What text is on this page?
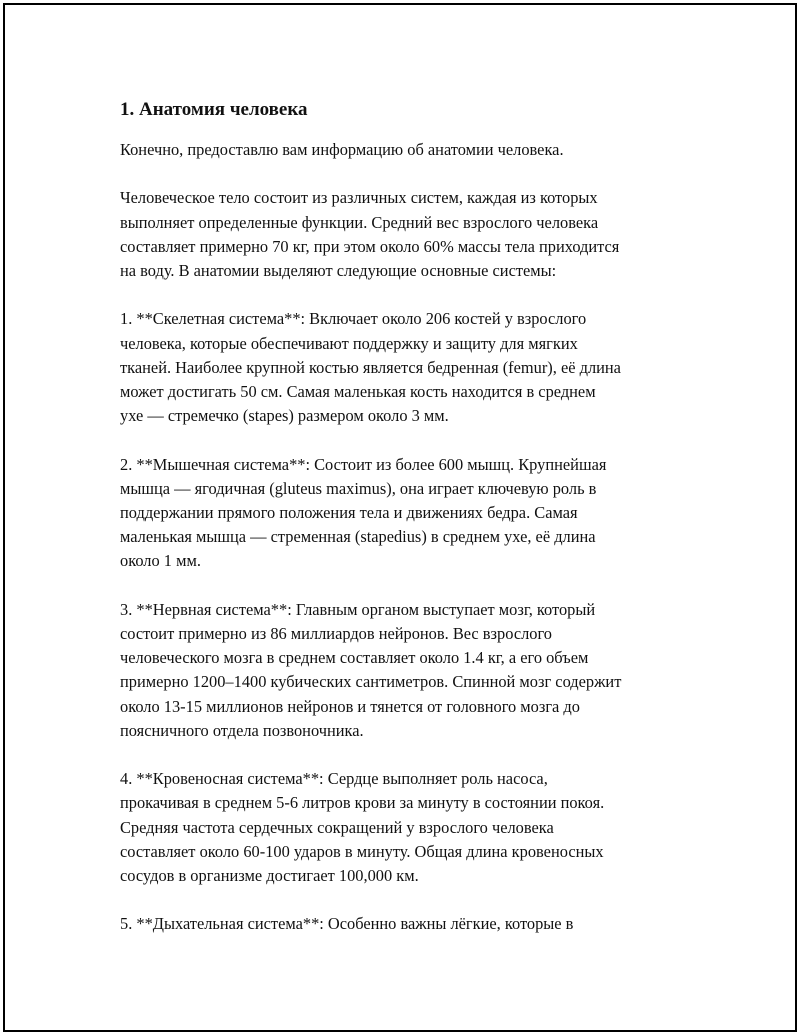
1. Анатомия человека
Конечно, предоставлю вам информацию об анатомии человека.
Человеческое тело состоит из различных систем, каждая из которых
выполняет определенные функции. Средний вес взрослого человека
составляет примерно 70 кг, при этом около 60% массы тела приходится
на воду. В анатомии выделяют следующие основные системы:
1. **Скелетная система**: Включает около 206 костей у взрослого
человека, которые обеспечивают поддержку и защиту для мягких
тканей. Наиболее крупной костью является бедренная (femur), её длина
может достигать 50 см. Самая маленькая кость находится в среднем
ухе — стремечко (stapes) размером около 3 мм.
2. **Мышечная система**: Состоит из более 600 мышц. Крупнейшая
мышца — ягодичная (gluteus maximus), она играет ключевую роль в
поддержании прямого положения тела и движениях бедра. Самая
маленькая мышца — стременная (stapedius) в среднем ухе, её длина
около 1 мм.
3. **Нервная система**: Главным органом выступает мозг, который
состоит примерно из 86 миллиардов нейронов. Вес взрослого
человеческого мозга в среднем составляет около 1.4 кг, а его объем
примерно 1200–1400 кубических сантиметров. Спинной мозг содержит
около 13-15 миллионов нейронов и тянется от головного мозга до
поясничного отдела позвоночника.
4. **Кровеносная система**: Сердце выполняет роль насоса,
прокачивая в среднем 5-6 литров крови за минуту в состоянии покоя.
Средняя частота сердечных сокращений у взрослого человека
составляет около 60-100 ударов в минуту. Общая длина кровеносных
сосудов в организме достигает 100,000 км.
5. **Дыхательная система**: Особенно важны лёгкие, которые в
